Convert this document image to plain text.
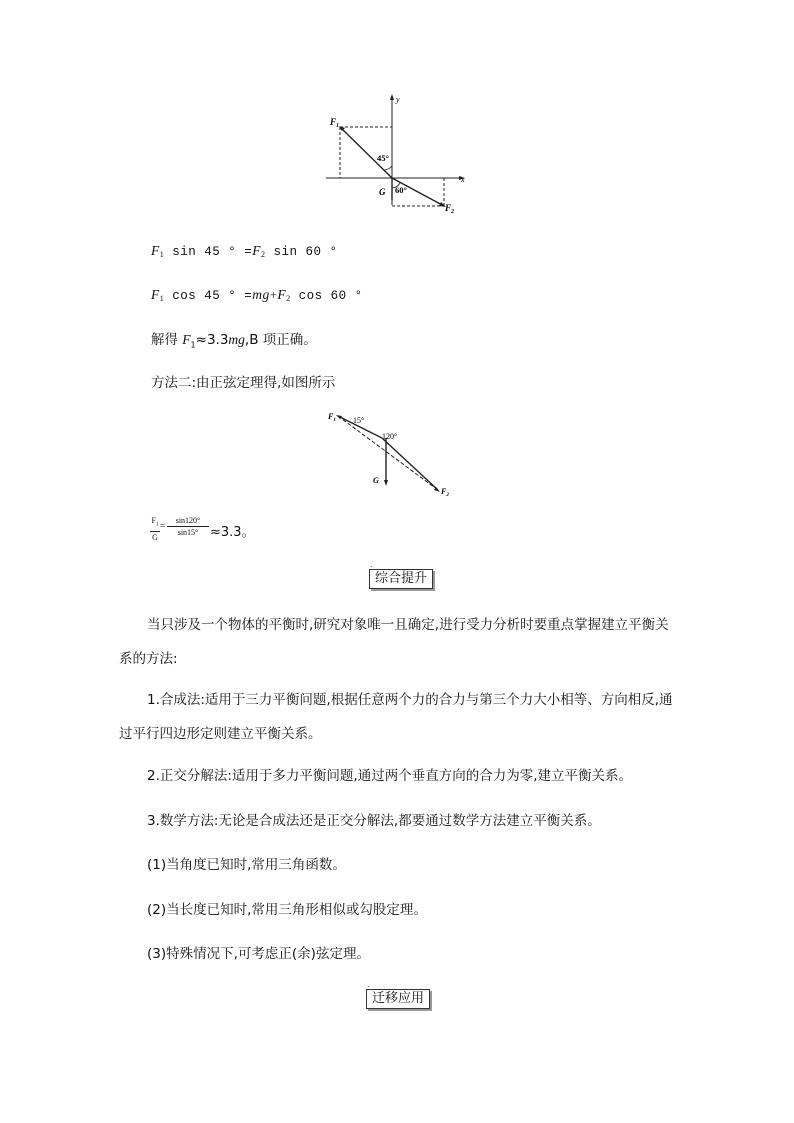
$F_1$
$F_2$
G
x
y
45°
60°
$F_1$ sin 45 ° $=F_2$ sin 60 °
$F_1$ cos 45 ° $=mg+F_2$ cos 60 °
解得 $F_1\approx 3.3mg,B$ 项正确。
方法二:由正弦定理得,如图所示
$F_1$
$F_2$
G
15°
120°
$F_1$
G
=
sin120°
sin15° ≈3.3。
˙ 综合提升
当只涉及一个物体的平衡时,研究对象唯一且确定,进行受力分析时要重点掌握建立平衡关系的方法:
1.合成法:适用于三力平衡问题,根据任意两个力的合力与第三个力大小相等、方向相反,通过平行四边形定则建立平衡关系。
2.正交分解法:适用于多力平衡问题,通过两个垂直方向的合力为零,建立平衡关系。
3.数学方法:无论是合成法还是正交分解法,都要通过数学方法建立平衡关系。
(1)当角度已知时,常用三角函数。
(2)当长度已知时,常用三角形相似或勾股定理。
(3)特殊情况下,可考虑正(余)弦定理。
˙ 迁移应用
